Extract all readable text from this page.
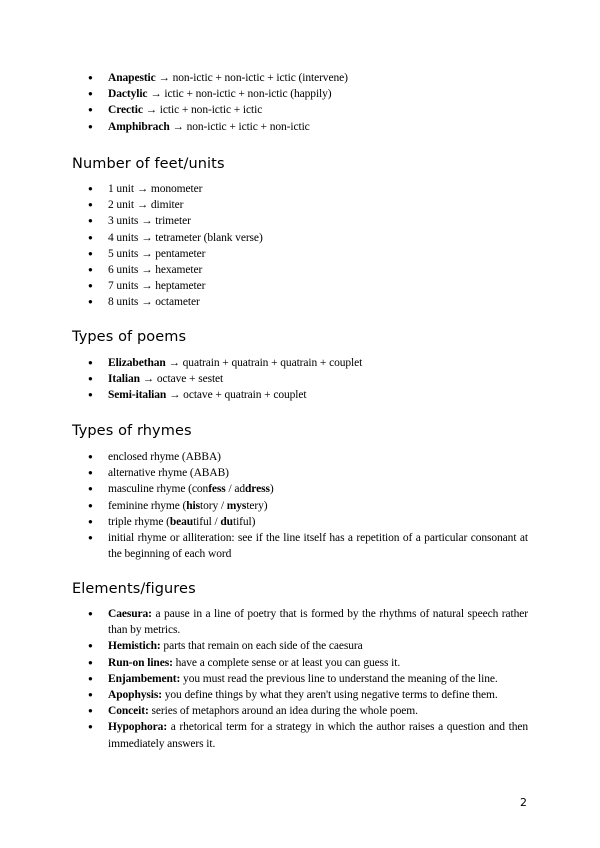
● Anapestic → non-ictic + non-ictic + ictic (intervene)
● Dactylic → ictic + non-ictic + non-ictic (happily)
● Crectic → ictic + non-ictic + ictic
● Amphibrach → non-ictic + ictic + non-ictic
Number of feet/units
● 1 unit → monometer
● 2 unit → dimiter
● 3 units → trimeter
● 4 units → tetrameter (blank verse)
● 5 units → pentameter
● 6 units → hexameter
● 7 units → heptameter
● 8 units → octameter
Types of poems
● Elizabethan → quatrain + quatrain + quatrain + couplet
● Italian → octave + sestet
● Semi-italian → octave + quatrain + couplet
Types of rhymes
● enclosed rhyme (ABBA)
● alternative rhyme (ABAB)
● masculine rhyme (confess / address)
● feminine rhyme (history / mystery)
● triple rhyme (beautiful / dutiful)
● initial rhyme or alliteration: see if the line itself has a repetition of a particular consonant at the beginning of each word
Elements/figures
● Caesura: a pause in a line of poetry that is formed by the rhythms of natural speech rather than by metrics.
● Hemistich: parts that remain on each side of the caesura
● Run-on lines: have a complete sense or at least you can guess it.
● Enjambement: you must read the previous line to understand the meaning of the line.
● Apophysis: you define things by what they aren't using negative terms to define them.
● Conceit: series of metaphors around an idea during the whole poem.
● Hypophora: a rhetorical term for a strategy in which the author raises a question and then immediately answers it.
2
